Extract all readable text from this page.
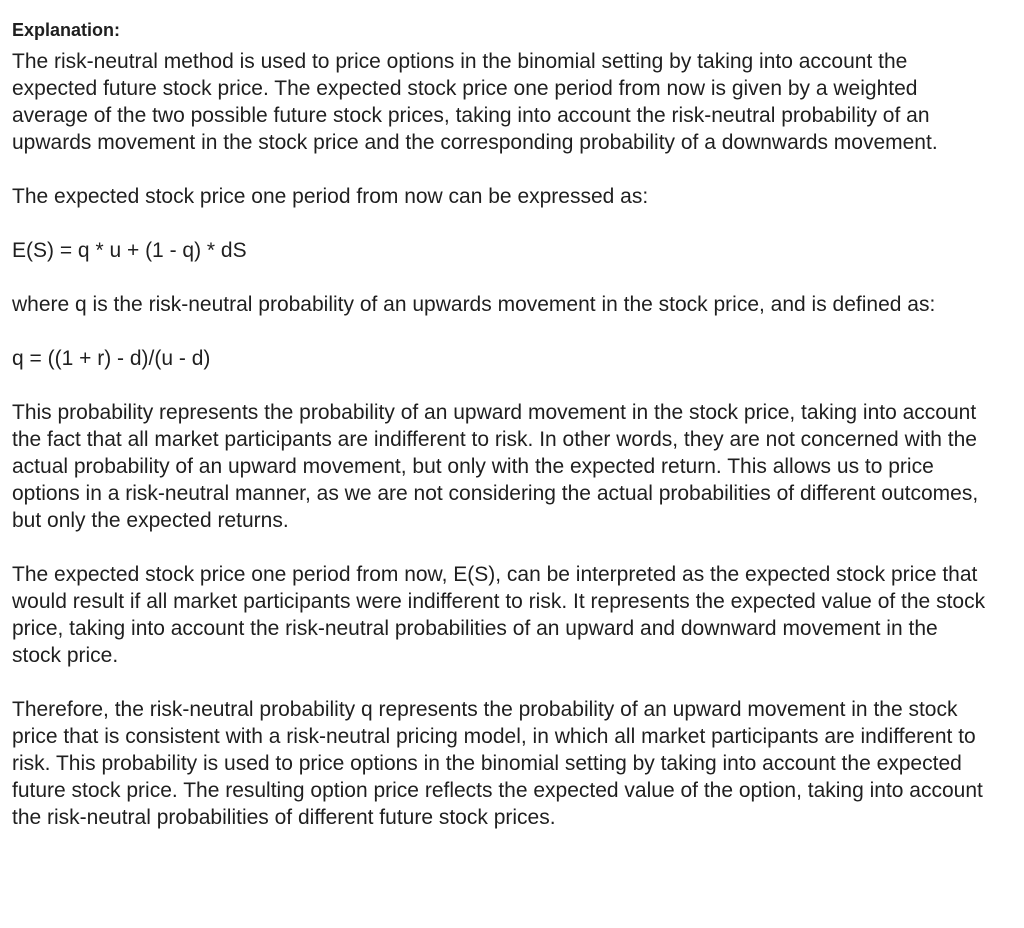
Explanation:

The risk-neutral method is used to price options in the binomial setting by taking into account the expected future stock price. The expected stock price one period from now is given by a weighted average of the two possible future stock prices, taking into account the risk-neutral probability of an upwards movement in the stock price and the corresponding probability of a downwards movement.

The expected stock price one period from now can be expressed as:

E(S) = q * u + (1 - q) * dS

where q is the risk-neutral probability of an upwards movement in the stock price, and is defined as:

q = ((1 + r) - d)/(u - d)

This probability represents the probability of an upward movement in the stock price, taking into account the fact that all market participants are indifferent to risk. In other words, they are not concerned with the actual probability of an upward movement, but only with the expected return. This allows us to price options in a risk-neutral manner, as we are not considering the actual probabilities of different outcomes, but only the expected returns.

The expected stock price one period from now, E(S), can be interpreted as the expected stock price that would result if all market participants were indifferent to risk. It represents the expected value of the stock price, taking into account the risk-neutral probabilities of an upward and downward movement in the stock price.

Therefore, the risk-neutral probability q represents the probability of an upward movement in the stock price that is consistent with a risk-neutral pricing model, in which all market participants are indifferent to risk. This probability is used to price options in the binomial setting by taking into account the expected future stock price. The resulting option price reflects the expected value of the option, taking into account the risk-neutral probabilities of different future stock prices.
